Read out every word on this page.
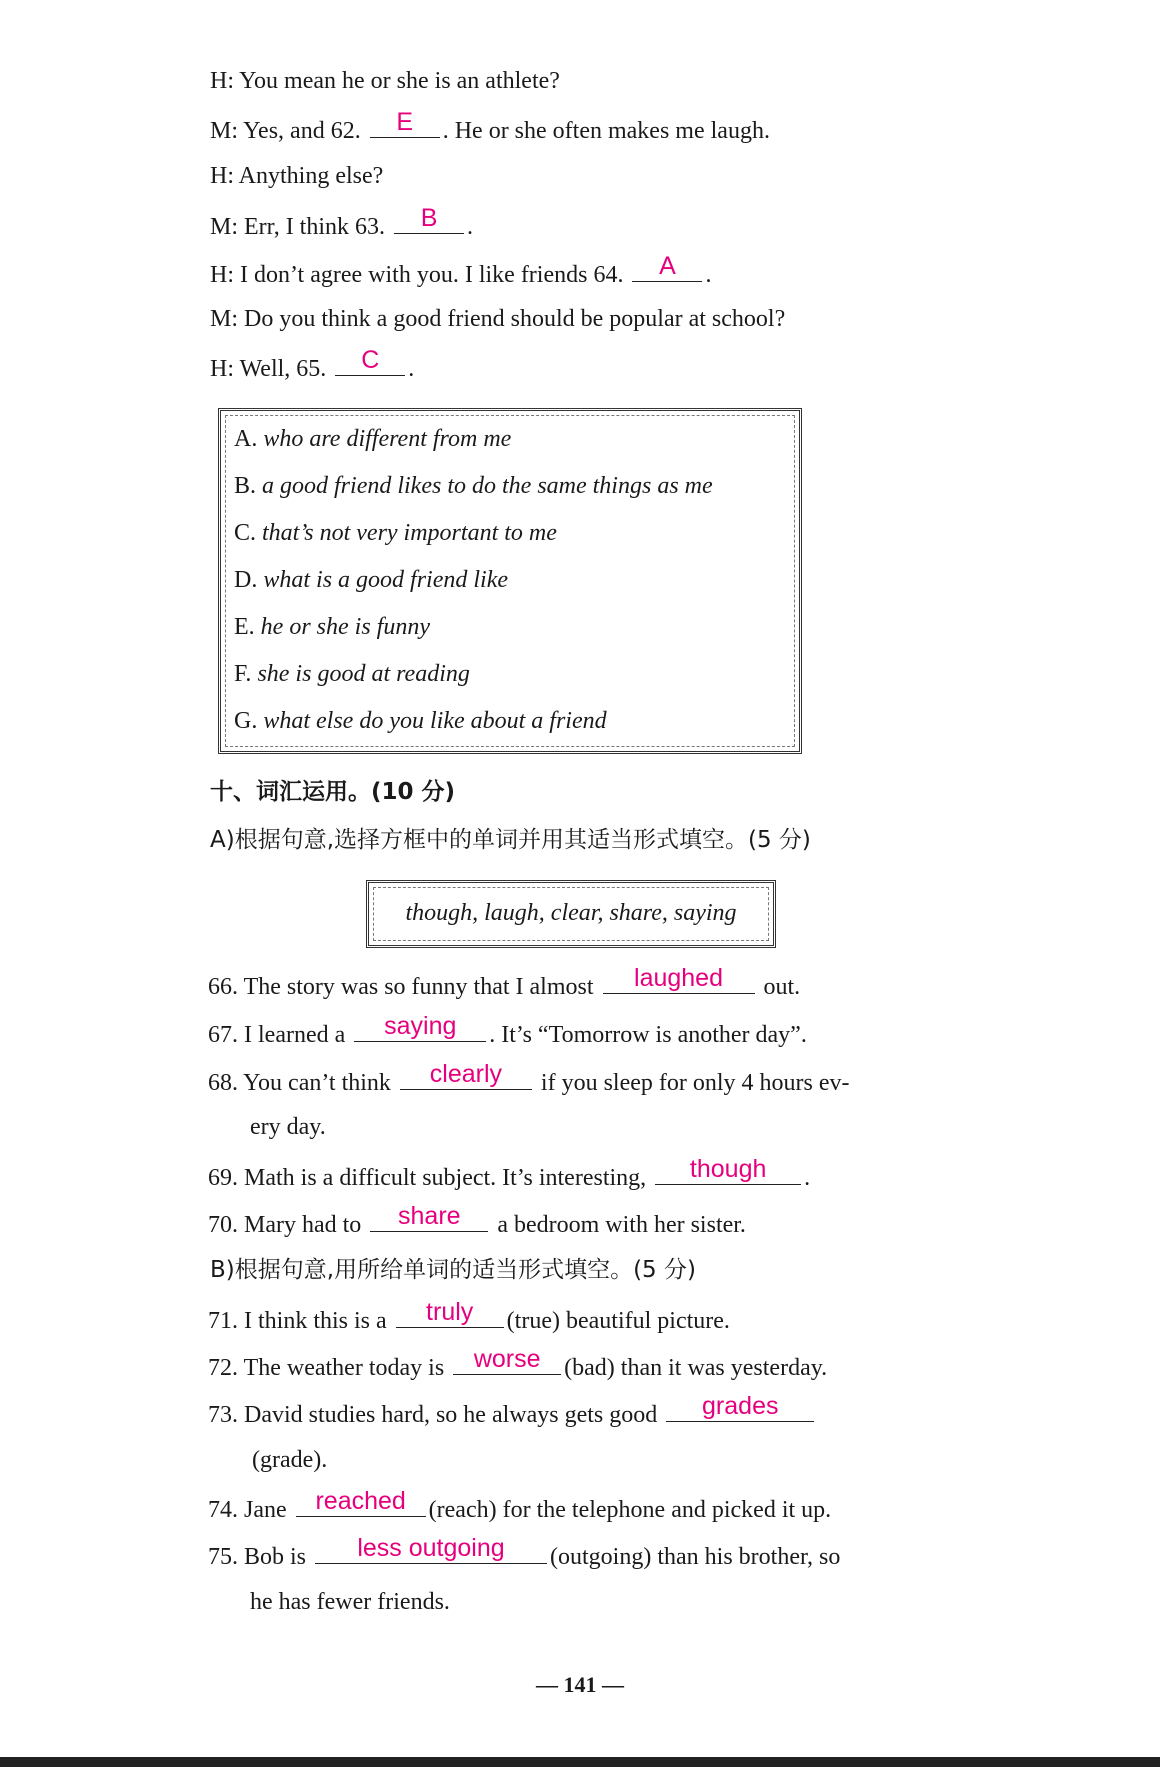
H: You mean he or she is an athlete?
M: Yes, and 62.	E	. He or she often makes me laugh.
H: Anything else?
M: Err, I think 63.	B	.
H: I don’t agree with you. I like friends 64.	A	.
M: Do you think a good friend should be popular at school?
H: Well, 65.	C	.
A. who are different from me
B. a good friend likes to do the same things as me
C. that’s not very important to me
D. what is a good friend like
E. he or she is funny
F. she is good at reading
G. what else do you like about a friend
十、词汇运用。(10 分)
A)根据句意,选择方框中的单词并用其适当形式填空。(5 分)
though, laugh, clear, share, saying
66. The story was so funny that I almost	laughed	out.
67. I learned a	saying	. It’s “Tomorrow is another day”.
68. You can’t think	clearly	if you sleep for only 4 hours ev-
ery day.
69. Math is a difficult subject. It’s interesting,	though	.
70. Mary had to	share	a bedroom with her sister.
B)根据句意,用所给单词的适当形式填空。(5 分)
71. I think this is a	truly	(true) beautiful picture.
72. The weather today is	worse (bad) than it was yesterday.
73. David studies hard, so he always gets good	grades
(grade).
74. Jane	reached (reach) for the telephone and picked it up.
75. Bob is	less outgoing	(outgoing) than his brother, so
he has fewer friends.
— 141 —
